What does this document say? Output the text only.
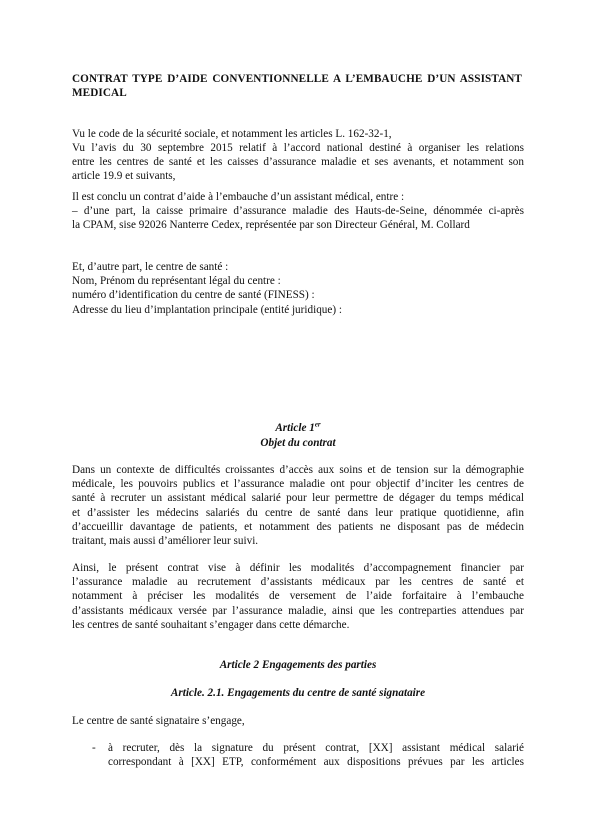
CONTRAT TYPE D’AIDE CONVENTIONNELLE A L’EMBAUCHE D’UN ASSISTANT MEDICAL
Vu le code de la sécurité sociale, et notamment les articles L. 162-32-1,
Vu l’avis du 30 septembre 2015 relatif à l’accord national destiné à organiser les relations
entre les centres de santé et les caisses d’assurance maladie et ses avenants, et notamment son
article 19.9 et suivants,
Il est conclu un contrat d’aide à l’embauche d’un assistant médical, entre :
– d’une part, la caisse primaire d’assurance maladie des Hauts-de-Seine, dénommée ci-après
la CPAM, sise 92026 Nanterre Cedex, représentée par son Directeur Général, M. Collard
Et, d’autre part, le centre de santé :
Nom, Prénom du représentant légal du centre :
numéro d’identification du centre de santé (FINESS) :
Adresse du lieu d’implantation principale (entité juridique) :
Article 1er
Objet du contrat
Dans un contexte de difficultés croissantes d’accès aux soins et de tension sur la démographie
médicale, les pouvoirs publics et l’assurance maladie ont pour objectif d’inciter les centres de
santé à recruter un assistant médical salarié pour leur permettre de dégager du temps médical
et d’assister les médecins salariés du centre de santé dans leur pratique quotidienne, afin
d’accueillir davantage de patients, et notamment des patients ne disposant pas de médecin
traitant, mais aussi d’améliorer leur suivi.
Ainsi, le présent contrat vise à définir les modalités d’accompagnement financier par
l’assurance maladie au recrutement d’assistants médicaux par les centres de santé et
notamment à préciser les modalités de versement de l’aide forfaitaire à l’embauche
d’assistants médicaux versée par l’assurance maladie, ainsi que les contreparties attendues par
les centres de santé souhaitant s’engager dans cette démarche.
Article 2 Engagements des parties
Article. 2.1. Engagements du centre de santé signataire
Le centre de santé signataire s’engage,
- à recruter, dès la signature du présent contrat, [XX] assistant médical salarié
correspondant à [XX] ETP, conformément aux dispositions prévues par les articles
